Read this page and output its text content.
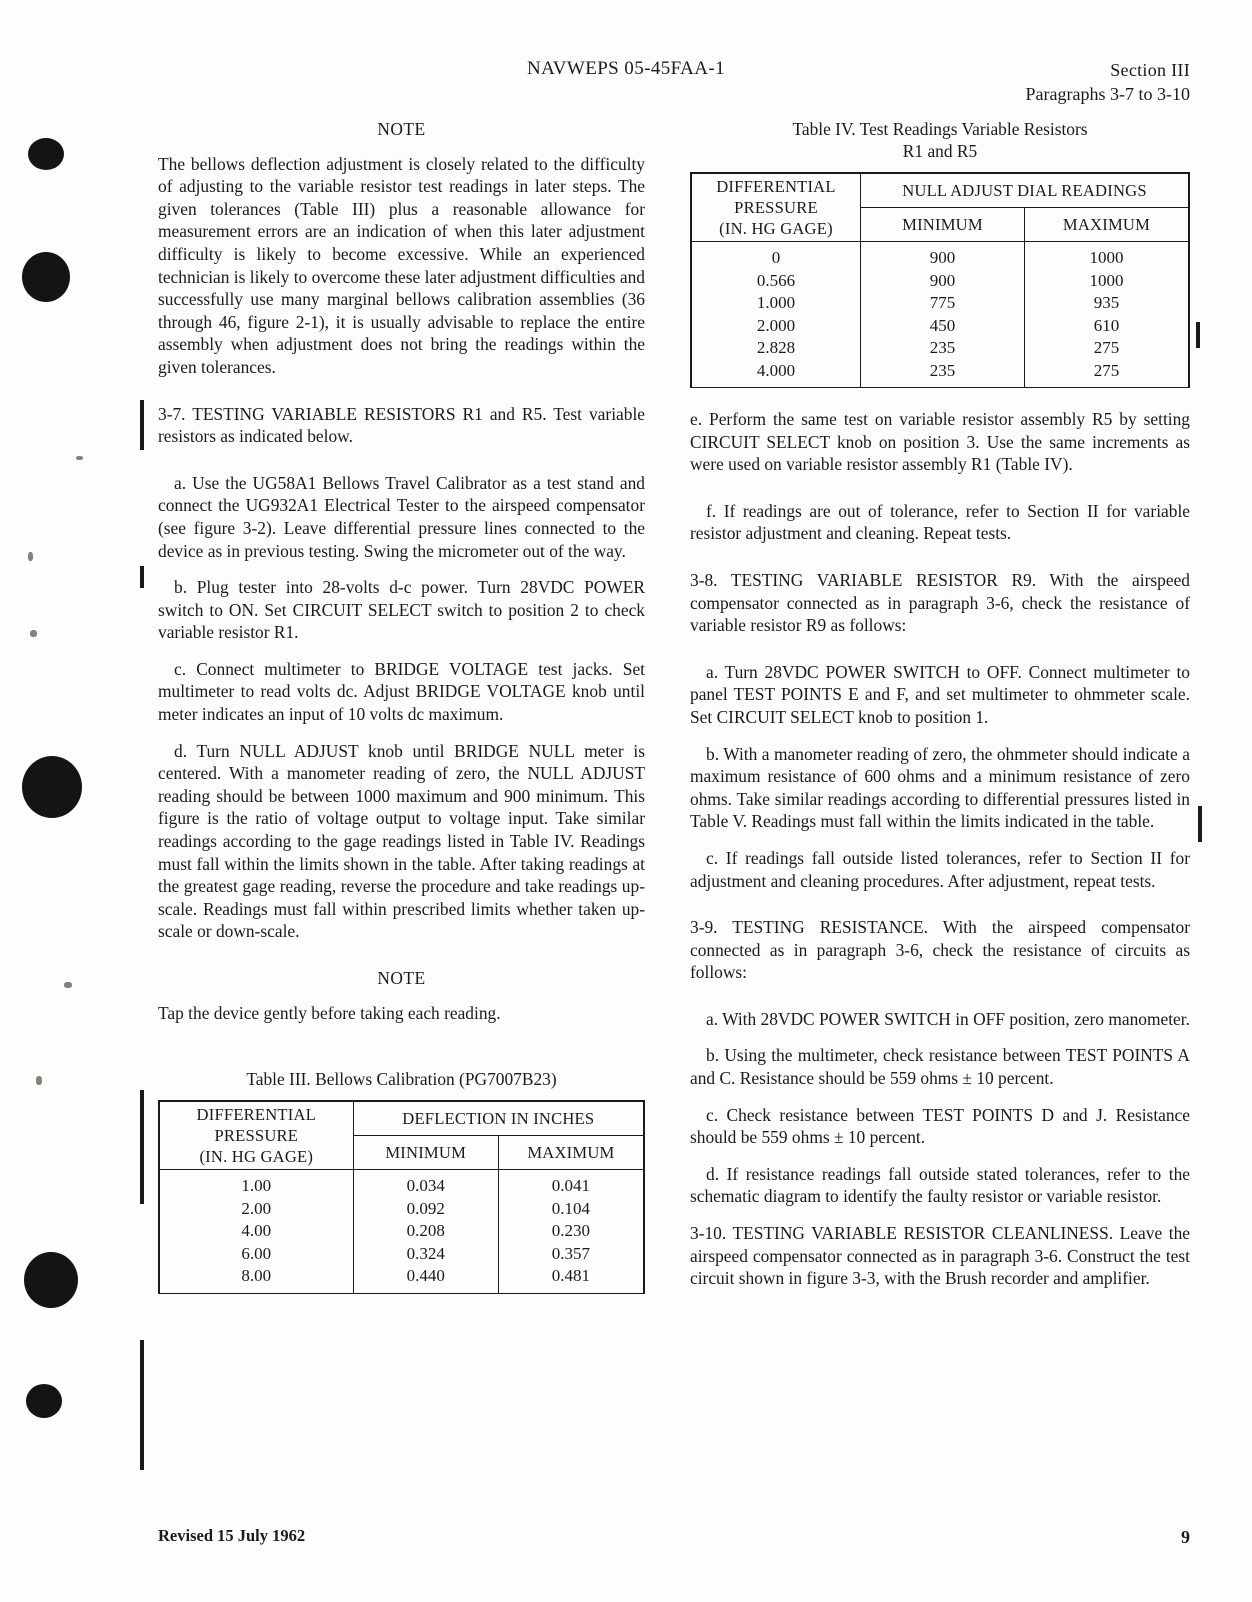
NAVWEPS 05-45FAA-1	Section III
Paragraphs 3-7 to 3-10
NOTE

The bellows deflection adjustment is closely related to the difficulty of adjusting to the variable resistor test readings in later steps. The given tolerances (Table III) plus a reasonable allowance for measurement errors are an indication of when this later adjustment difficulty is likely to become excessive. While an experienced technician is likely to overcome these later adjustment difficulties and successfully use many marginal bellows calibration assemblies (36 through 46, figure 2-1), it is usually advisable to replace the entire assembly when adjustment does not bring the readings within the given tolerances.

3-7. TESTING VARIABLE RESISTORS R1 and R5. Test variable resistors as indicated below.

a. Use the UG58A1 Bellows Travel Calibrator as a test stand and connect the UG932A1 Electrical Tester to the airspeed compensator (see figure 3-2). Leave differential pressure lines connected to the device as in previous testing. Swing the micrometer out of the way.

b. Plug tester into 28-volts d-c power. Turn 28VDC POWER switch to ON. Set CIRCUIT SELECT switch to position 2 to check variable resistor R1.

c. Connect multimeter to BRIDGE VOLTAGE test jacks. Set multimeter to read volts dc. Adjust BRIDGE VOLTAGE knob until meter indicates an input of 10 volts dc maximum.

d. Turn NULL ADJUST knob until BRIDGE NULL meter is centered. With a manometer reading of zero, the NULL ADJUST reading should be between 1000 maximum and 900 minimum. This figure is the ratio of voltage output to voltage input. Take similar readings according to the gage readings listed in Table IV. Readings must fall within the limits shown in the table. After taking readings at the greatest gage reading, reverse the procedure and take readings up-scale. Readings must fall within prescribed limits whether taken up-scale or down-scale.

NOTE

Tap the device gently before taking each reading.

Table III. Bellows Calibration (PG7007B23)
DIFFERENTIAL
PRESSURE
(IN. HG GAGE)	DEFLECTION IN INCHES	
	MINIMUM	MAXIMUM
1.00	0.034	0.041
2.00	0.092	0.104
4.00	0.208	0.230
6.00	0.324	0.357
8.00	0.440	0.481
Table IV. Test Readings Variable Resistors
R1 and R5
DIFFERENTIAL
PRESSURE
(IN. HG GAGE)	NULL ADJUST DIAL READINGS	
	MINIMUM	MAXIMUM
0	900	1000
0.566	900	1000
1.000	775	935
2.000	450	610
2.828	235	275
4.000	235	275

e. Perform the same test on variable resistor assembly R5 by setting CIRCUIT SELECT knob on position 3. Use the same increments as were used on variable resistor assembly R1 (Table IV).

f. If readings are out of tolerance, refer to Section II for variable resistor adjustment and cleaning. Repeat tests.

3-8. TESTING VARIABLE RESISTOR R9. With the airspeed compensator connected as in paragraph 3-6, check the resistance of variable resistor R9 as follows:

a. Turn 28VDC POWER SWITCH to OFF. Connect multimeter to panel TEST POINTS E and F, and set multimeter to ohmmeter scale. Set CIRCUIT SELECT knob to position 1.

b. With a manometer reading of zero, the ohmmeter should indicate a maximum resistance of 600 ohms and a minimum resistance of zero ohms. Take similar readings according to differential pressures listed in Table V. Readings must fall within the limits indicated in the table.

c. If readings fall outside listed tolerances, refer to Section II for adjustment and cleaning procedures. After adjustment, repeat tests.

3-9. TESTING RESISTANCE. With the airspeed compensator connected as in paragraph 3-6, check the resistance of circuits as follows:

a. With 28VDC POWER SWITCH in OFF position, zero manometer.

b. Using the multimeter, check resistance between TEST POINTS A and C. Resistance should be 559 ohms ± 10 percent.

c. Check resistance between TEST POINTS D and J. Resistance should be 559 ohms ± 10 percent.

d. If resistance readings fall outside stated tolerances, refer to the schematic diagram to identify the faulty resistor or variable resistor.

3-10. TESTING VARIABLE RESISTOR CLEANLINESS. Leave the airspeed compensator connected as in paragraph 3-6. Construct the test circuit shown in figure 3-3, with the Brush recorder and amplifier.

Revised 15 July 1962	9
